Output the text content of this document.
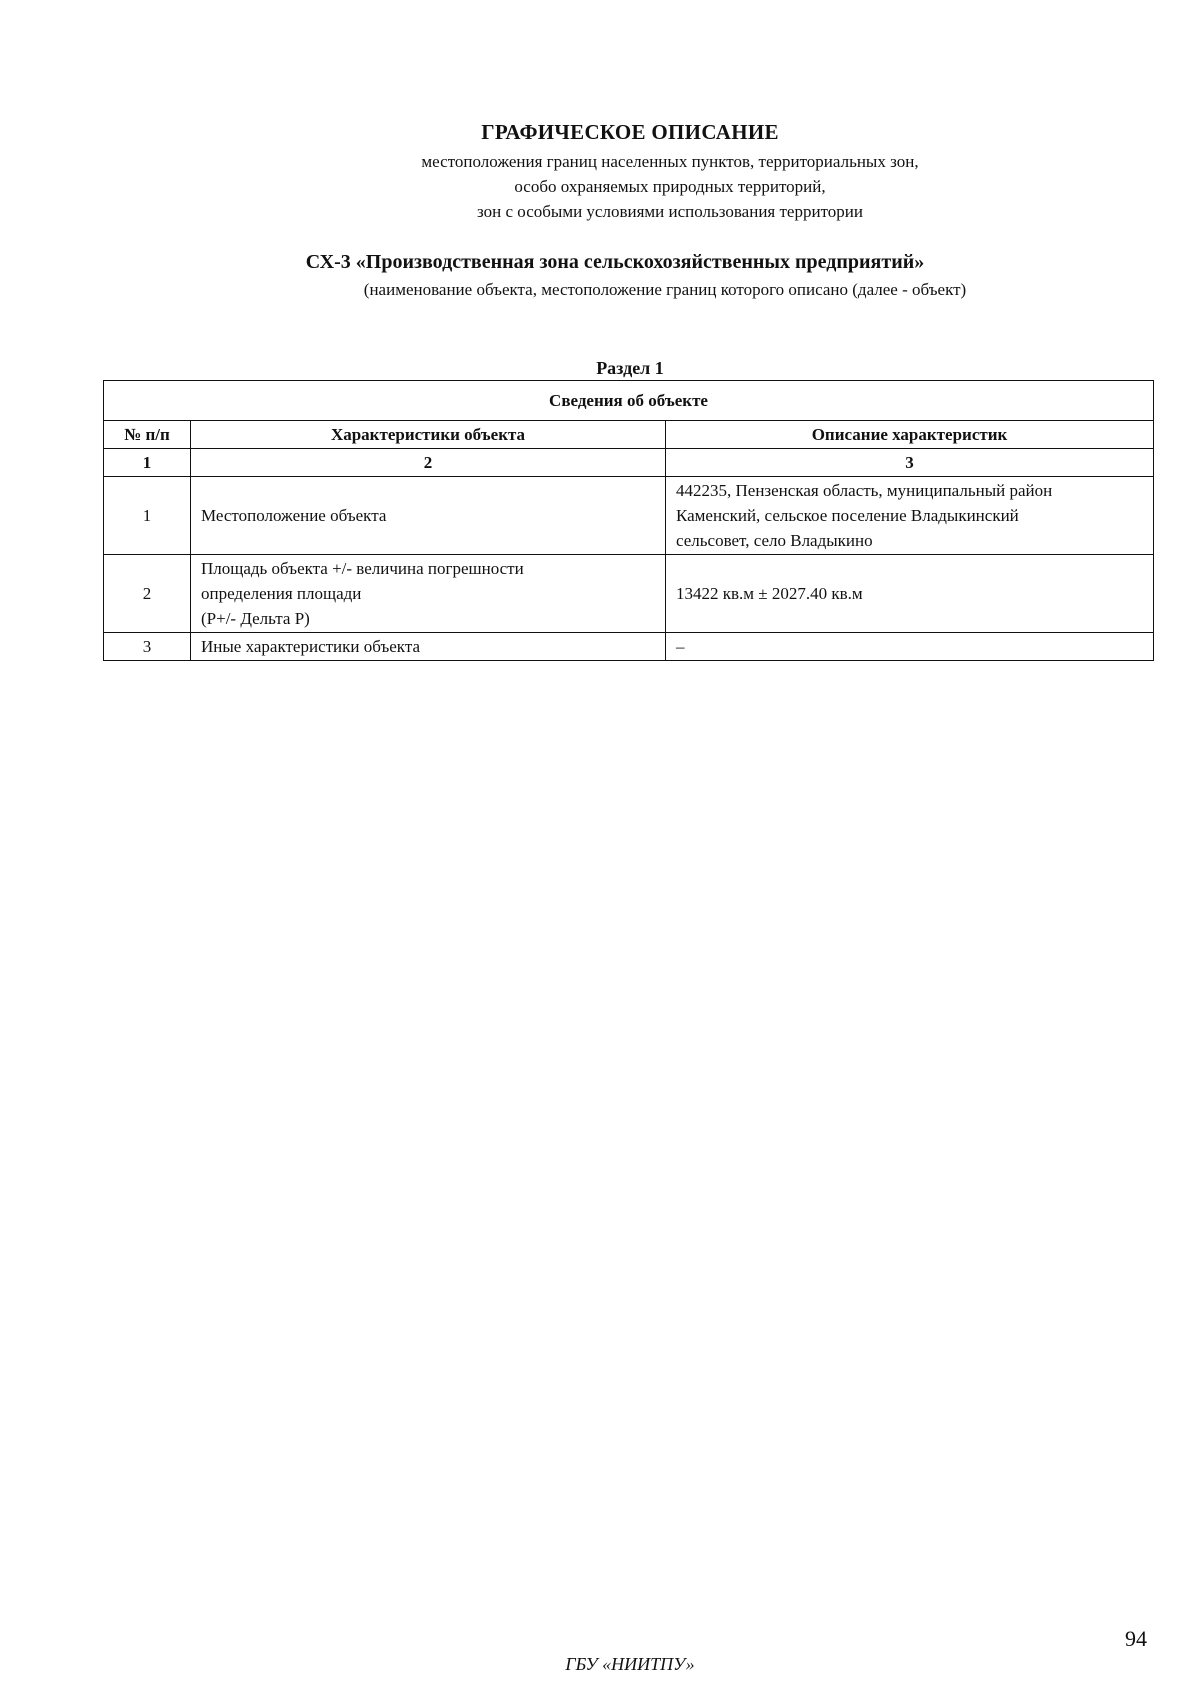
ГРАФИЧЕСКОЕ ОПИСАНИЕ
местоположения границ населенных пунктов, территориальных зон,
особо охраняемых природных территорий,
зон с особыми условиями использования территории
СХ-3 «Производственная зона сельскохозяйственных предприятий»
(наименование объекта, местоположение границ которого описано (далее - объект)
Раздел 1
Сведения об объекте		
№ п/п	Характеристики объекта	Описание характеристик
1	2	3
1	Местоположение объекта	442235, Пензенская область, муниципальный район
Каменский, сельское поселение Владыкинский
сельсовет, село Владыкино

2	Площадь объекта +/- величина погрешности
определения площади
(Р+/- Дельта Р)	13422 кв.м ± 2027.40 кв.м

3	Иные характеристики объекта	–
94
ГБУ «НИИТПУ»
